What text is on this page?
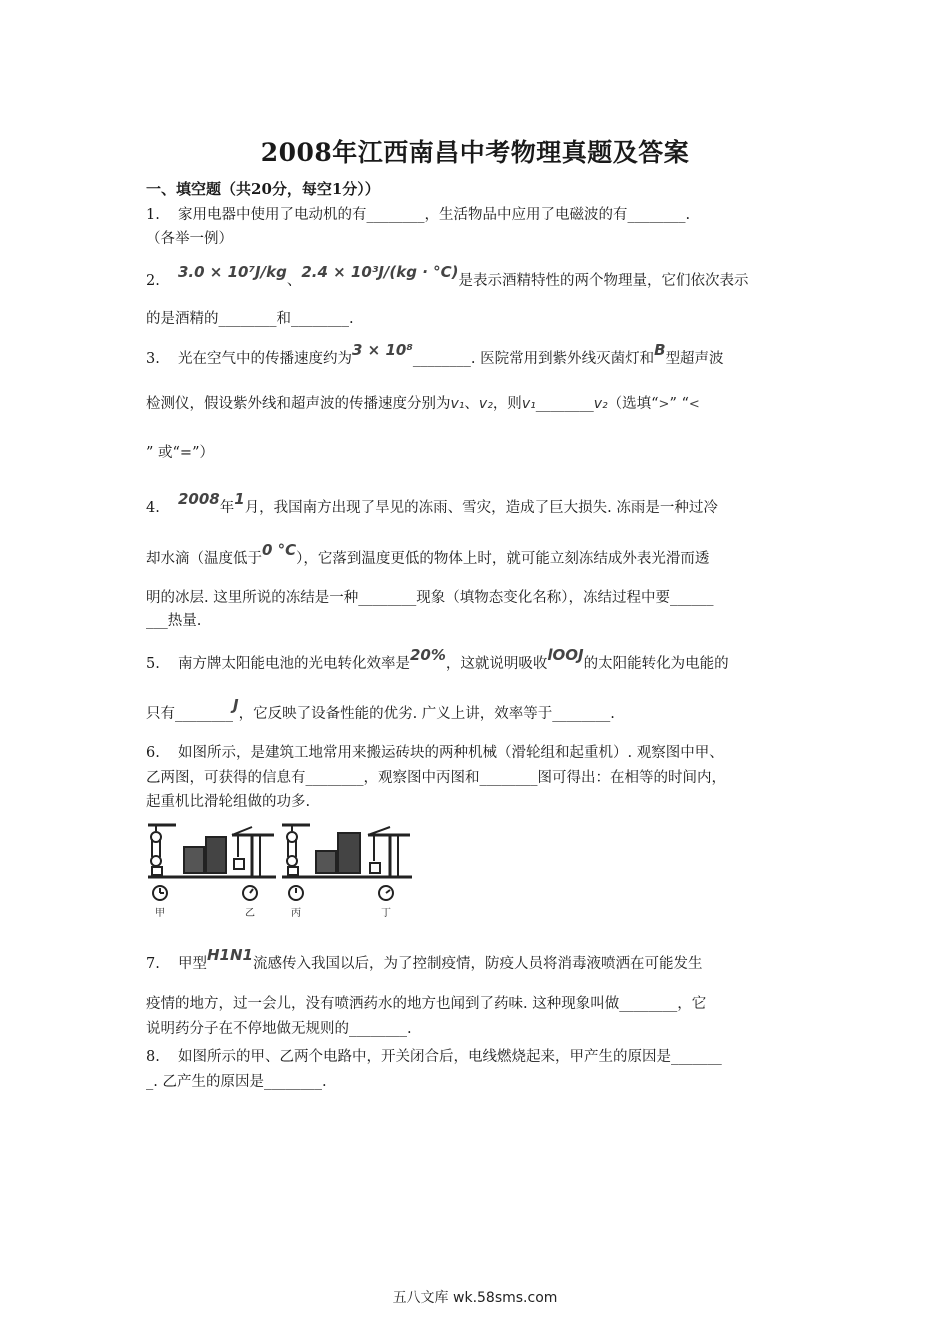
2008年江西南昌中考物理真题及答案
一、填空题（共20分，每空1分））
1. 家用电器中使用了电动机的有________，生活物品中应用了电磁波的有________.
（各举一例）
2. 3.0 × 10⁷J/kg、2.4 × 10³J/(kg · °C)是表示酒精特性的两个物理量，它们依次表示
的是酒精的________和________.
3. 光在空气中的传播速度约为3 × 10⁸________. 医院常用到紫外线灭菌灯和B型超声波
检测仪，假设紫外线和超声波的传播速度分别为v₁、v₂，则v₁________v₂（选填“>” “<
” 或“=”）
4. 2008年1月，我国南方出现了旱见的冻雨、雪灾，造成了巨大损失. 冻雨是一种过冷
却水滴（温度低于0 °C），它落到温度更低的物体上时，就可能立刻冻结成外表光滑而透
明的冰层. 这里所说的冻结是一种________现象（填物态变化名称），冻结过程中要______
___热量.
5. 南方牌太阳能电池的光电转化效率是20%，这就说明吸收lOOJ的太阳能转化为电能的
只有________J，它反映了设备性能的优劣. 广义上讲，效率等于________.
6. 如图所示，是建筑工地常用来搬运砖块的两种机械（滑轮组和起重机）. 观察图中甲、
乙两图，可获得的信息有________，观察图中丙图和________图可得出：在相等的时间内，
起重机比滑轮组做的功多.
甲	乙	丙	丁
7. 甲型H1N1流感传入我国以后，为了控制疫情，防疫人员将消毒液喷洒在可能发生
疫情的地方，过一会儿，没有喷洒药水的地方也闻到了药味. 这种现象叫做________，它
说明药分子在不停地做无规则的________.
8. 如图所示的甲、乙两个电路中，开关闭合后，电线燃烧起来，甲产生的原因是_______
_. 乙产生的原因是________.
五八文库 wk.58sms.com
